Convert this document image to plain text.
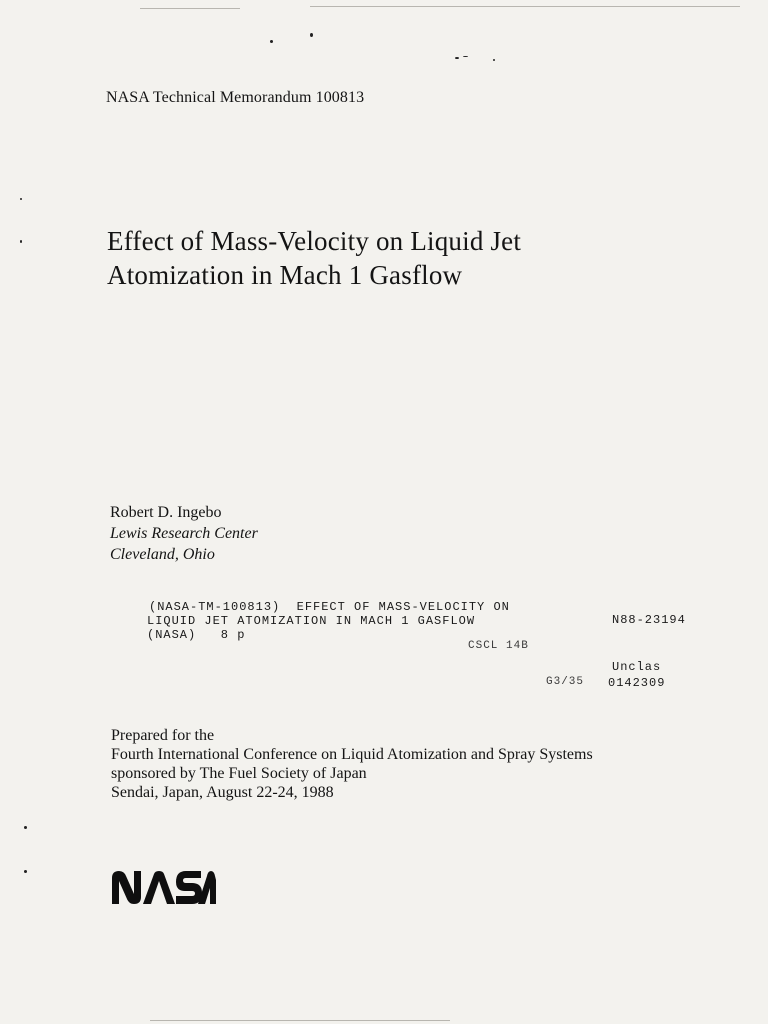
NASA Technical Memorandum 100813
Effect of Mass-Velocity on Liquid Jet
Atomization in Mach 1 Gasflow
Robert D. Ingebo
Lewis Research Center
Cleveland, Ohio
(NASA-TM-100813)  EFFECT OF MASS-VELOCITY ON
LIQUID JET ATOMIZATION IN MACH 1 GASFLOW
(NASA)   8 p
CSCL 14B
N88-23194
Unclas
G3/35 0142309
Prepared for the
Fourth International Conference on Liquid Atomization and Spray Systems
sponsored by The Fuel Society of Japan
Sendai, Japan, August 22-24, 1988
